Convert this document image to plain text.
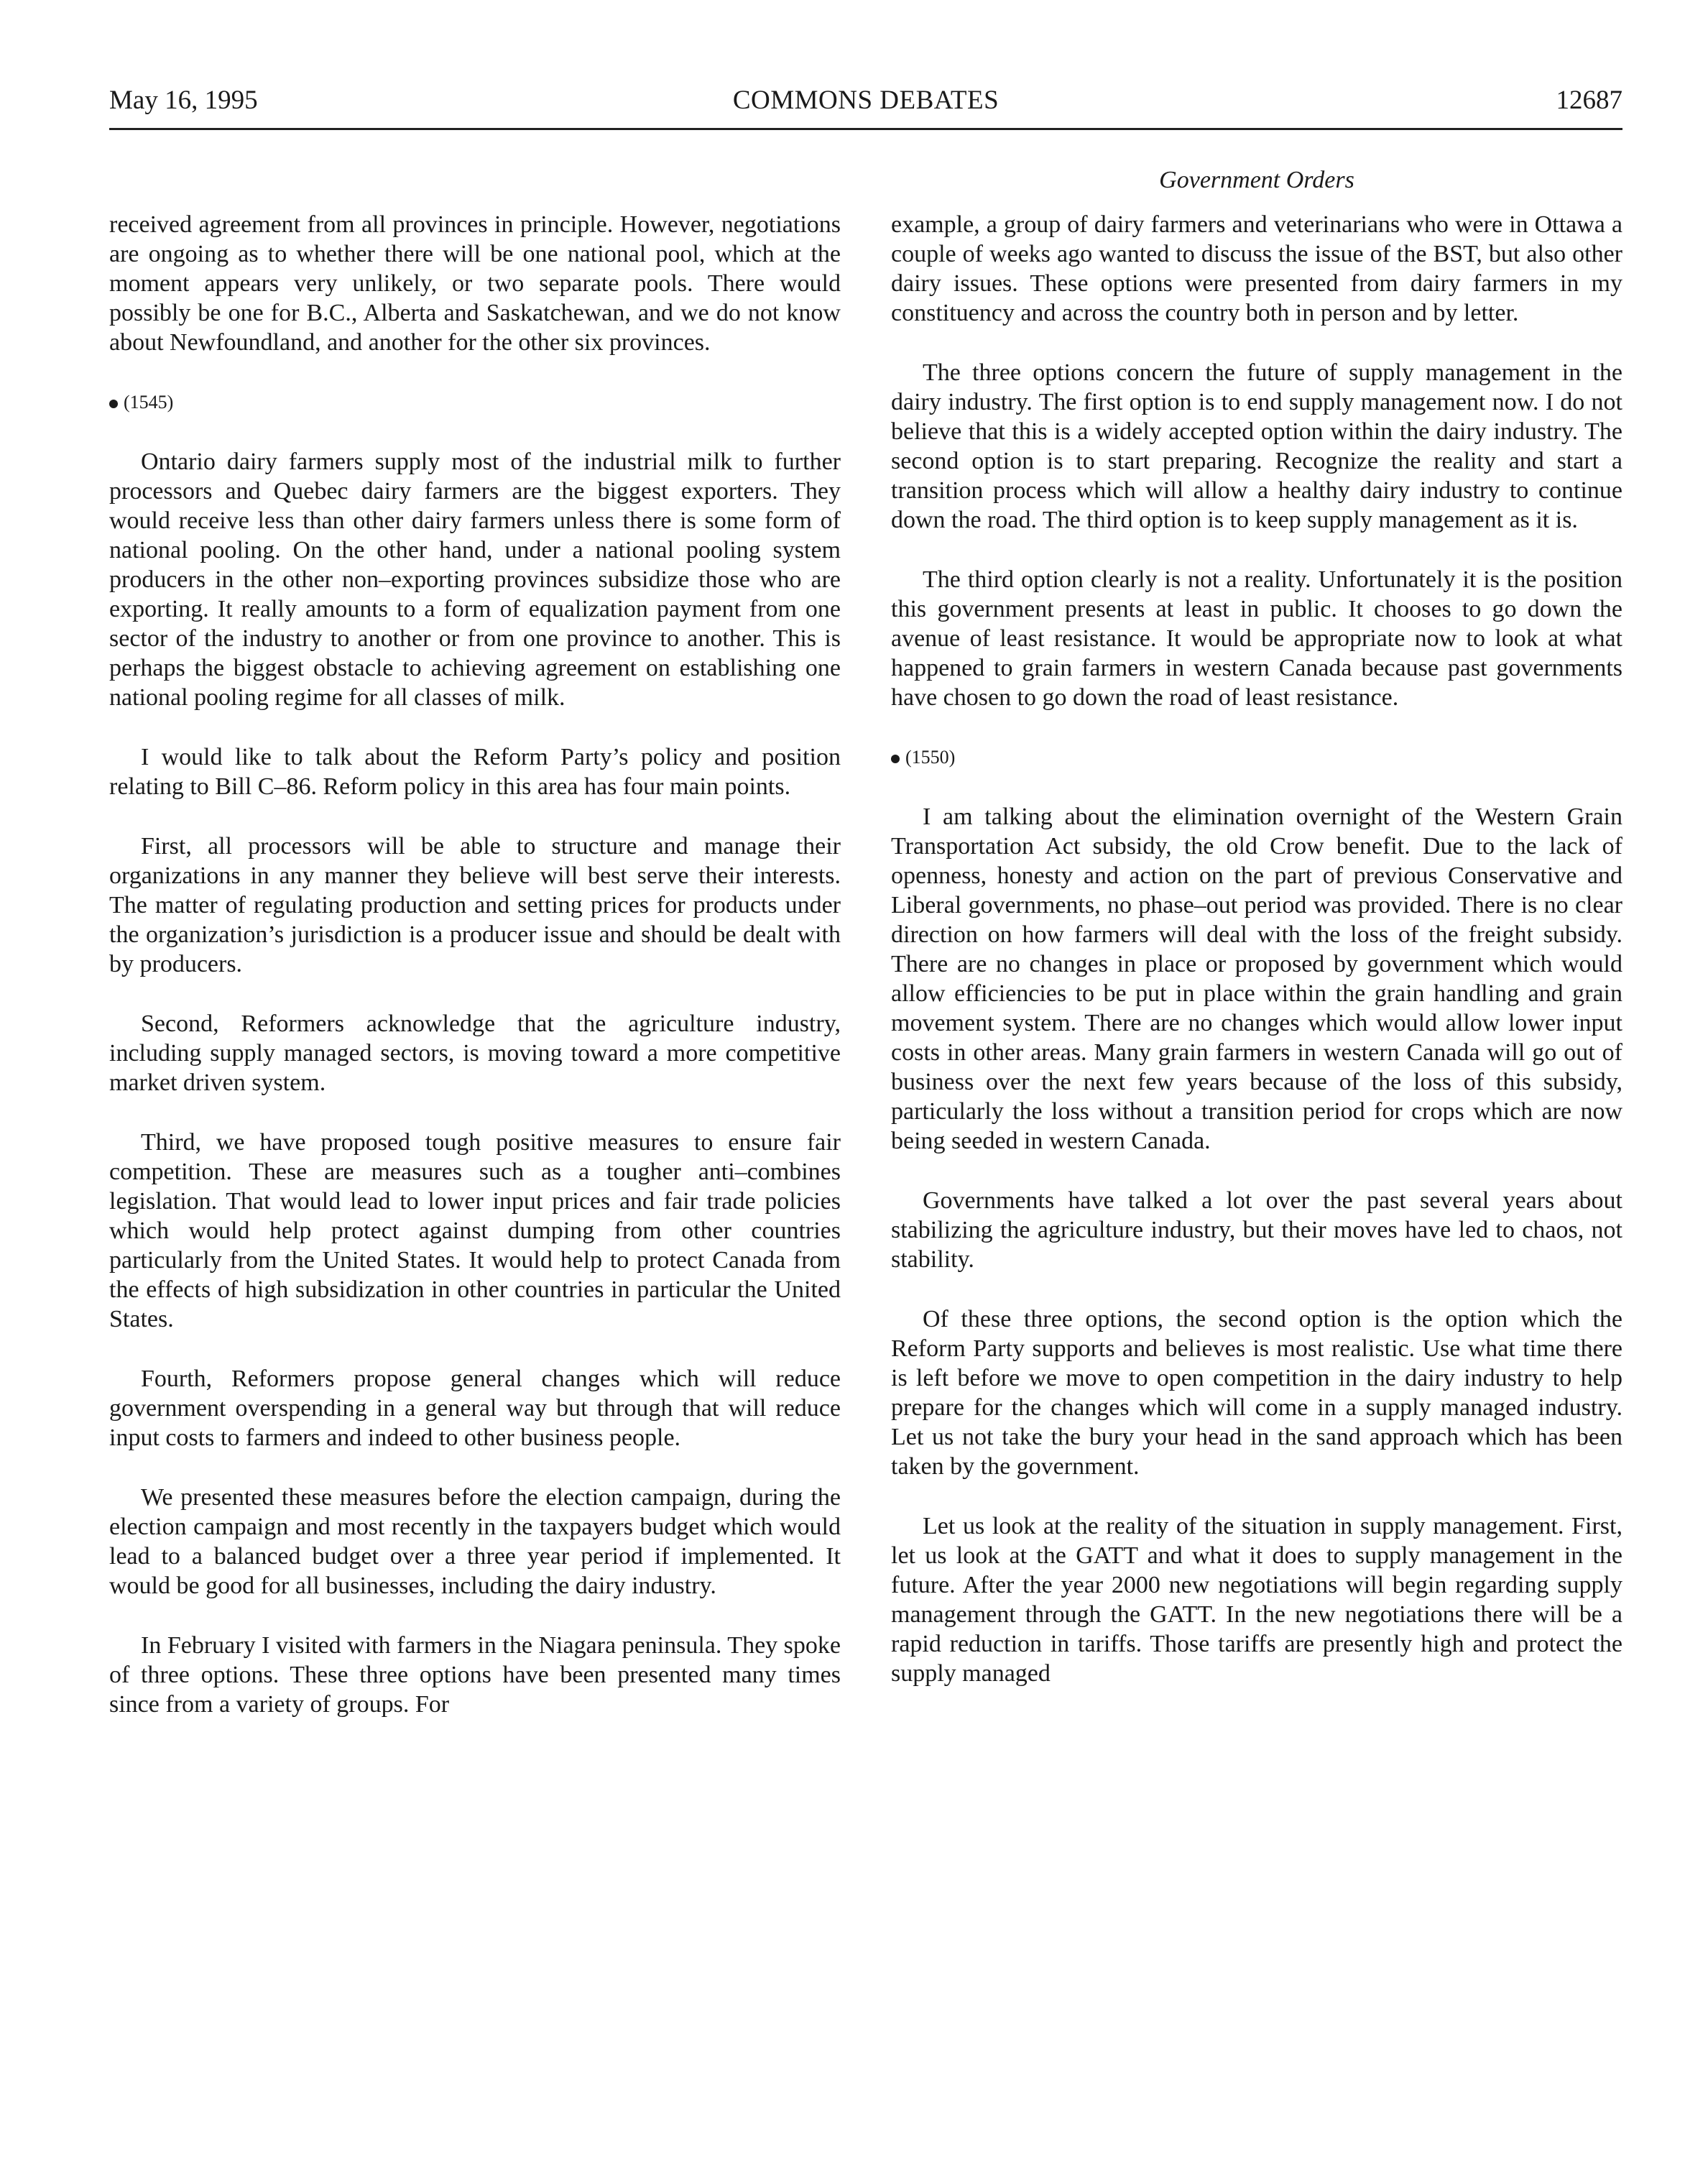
May 16, 1995	COMMONS DEBATES	12687
Government Orders

received agreement from all provinces in principle. However, negotiations are ongoing as to whether there will be one national pool, which at the moment appears very unlikely, or two separate pools. There would possibly be one for B.C., Alberta and Saskatchewan, and we do not know about Newfoundland, and another for the other six provinces.

(1545)

Ontario dairy farmers supply most of the industrial milk to further processors and Quebec dairy farmers are the biggest exporters. They would receive less than other dairy farmers unless there is some form of national pooling. On the other hand, under a national pooling system producers in the other non–exporting provinces subsidize those who are exporting. It really amounts to a form of equalization payment from one sector of the industry to another or from one province to another. This is perhaps the biggest obstacle to achieving agreement on establishing one national pooling regime for all classes of milk.

I would like to talk about the Reform Party’s policy and position relating to Bill C–86. Reform policy in this area has four main points.

First, all processors will be able to structure and manage their organizations in any manner they believe will best serve their interests. The matter of regulating production and setting prices for products under the organization’s jurisdiction is a producer issue and should be dealt with by producers.

Second, Reformers acknowledge that the agriculture industry, including supply managed sectors, is moving toward a more competitive market driven system.

Third, we have proposed tough positive measures to ensure fair competition. These are measures such as a tougher anti–combines legislation. That would lead to lower input prices and fair trade policies which would help protect against dumping from other countries particularly from the United States. It would help to protect Canada from the effects of high subsidization in other countries in particular the United States.

Fourth, Reformers propose general changes which will reduce government overspending in a general way but through that will reduce input costs to farmers and indeed to other business people.

We presented these measures before the election campaign, during the election campaign and most recently in the taxpayers budget which would lead to a balanced budget over a three year period if implemented. It would be good for all businesses, including the dairy industry.

In February I visited with farmers in the Niagara peninsula. They spoke of three options. These three options have been presented many times since from a variety of groups. For

example, a group of dairy farmers and veterinarians who were in Ottawa a couple of weeks ago wanted to discuss the issue of the BST, but also other dairy issues. These options were presented from dairy farmers in my constituency and across the country both in person and by letter.

The three options concern the future of supply management in the dairy industry. The first option is to end supply management now. I do not believe that this is a widely accepted option within the dairy industry. The second option is to start preparing. Recognize the reality and start a transition process which will allow a healthy dairy industry to continue down the road. The third option is to keep supply management as it is.

The third option clearly is not a reality. Unfortunately it is the position this government presents at least in public. It chooses to go down the avenue of least resistance. It would be appropriate now to look at what happened to grain farmers in western Canada because past governments have chosen to go down the road of least resistance.

(1550)

I am talking about the elimination overnight of the Western Grain Transportation Act subsidy, the old Crow benefit. Due to the lack of openness, honesty and action on the part of previous Conservative and Liberal governments, no phase–out period was provided. There is no clear direction on how farmers will deal with the loss of the freight subsidy. There are no changes in place or proposed by government which would allow efficiencies to be put in place within the grain handling and grain movement system. There are no changes which would allow lower input costs in other areas. Many grain farmers in western Canada will go out of business over the next few years because of the loss of this subsidy, particularly the loss without a transition period for crops which are now being seeded in western Canada.

Governments have talked a lot over the past several years about stabilizing the agriculture industry, but their moves have led to chaos, not stability.

Of these three options, the second option is the option which the Reform Party supports and believes is most realistic. Use what time there is left before we move to open competition in the dairy industry to help prepare for the changes which will come in a supply managed industry. Let us not take the bury your head in the sand approach which has been taken by the government.

Let us look at the reality of the situation in supply management. First, let us look at the GATT and what it does to supply management in the future. After the year 2000 new negotiations will begin regarding supply management through the GATT. In the new negotiations there will be a rapid reduction in tariffs. Those tariffs are presently high and protect the supply managed
